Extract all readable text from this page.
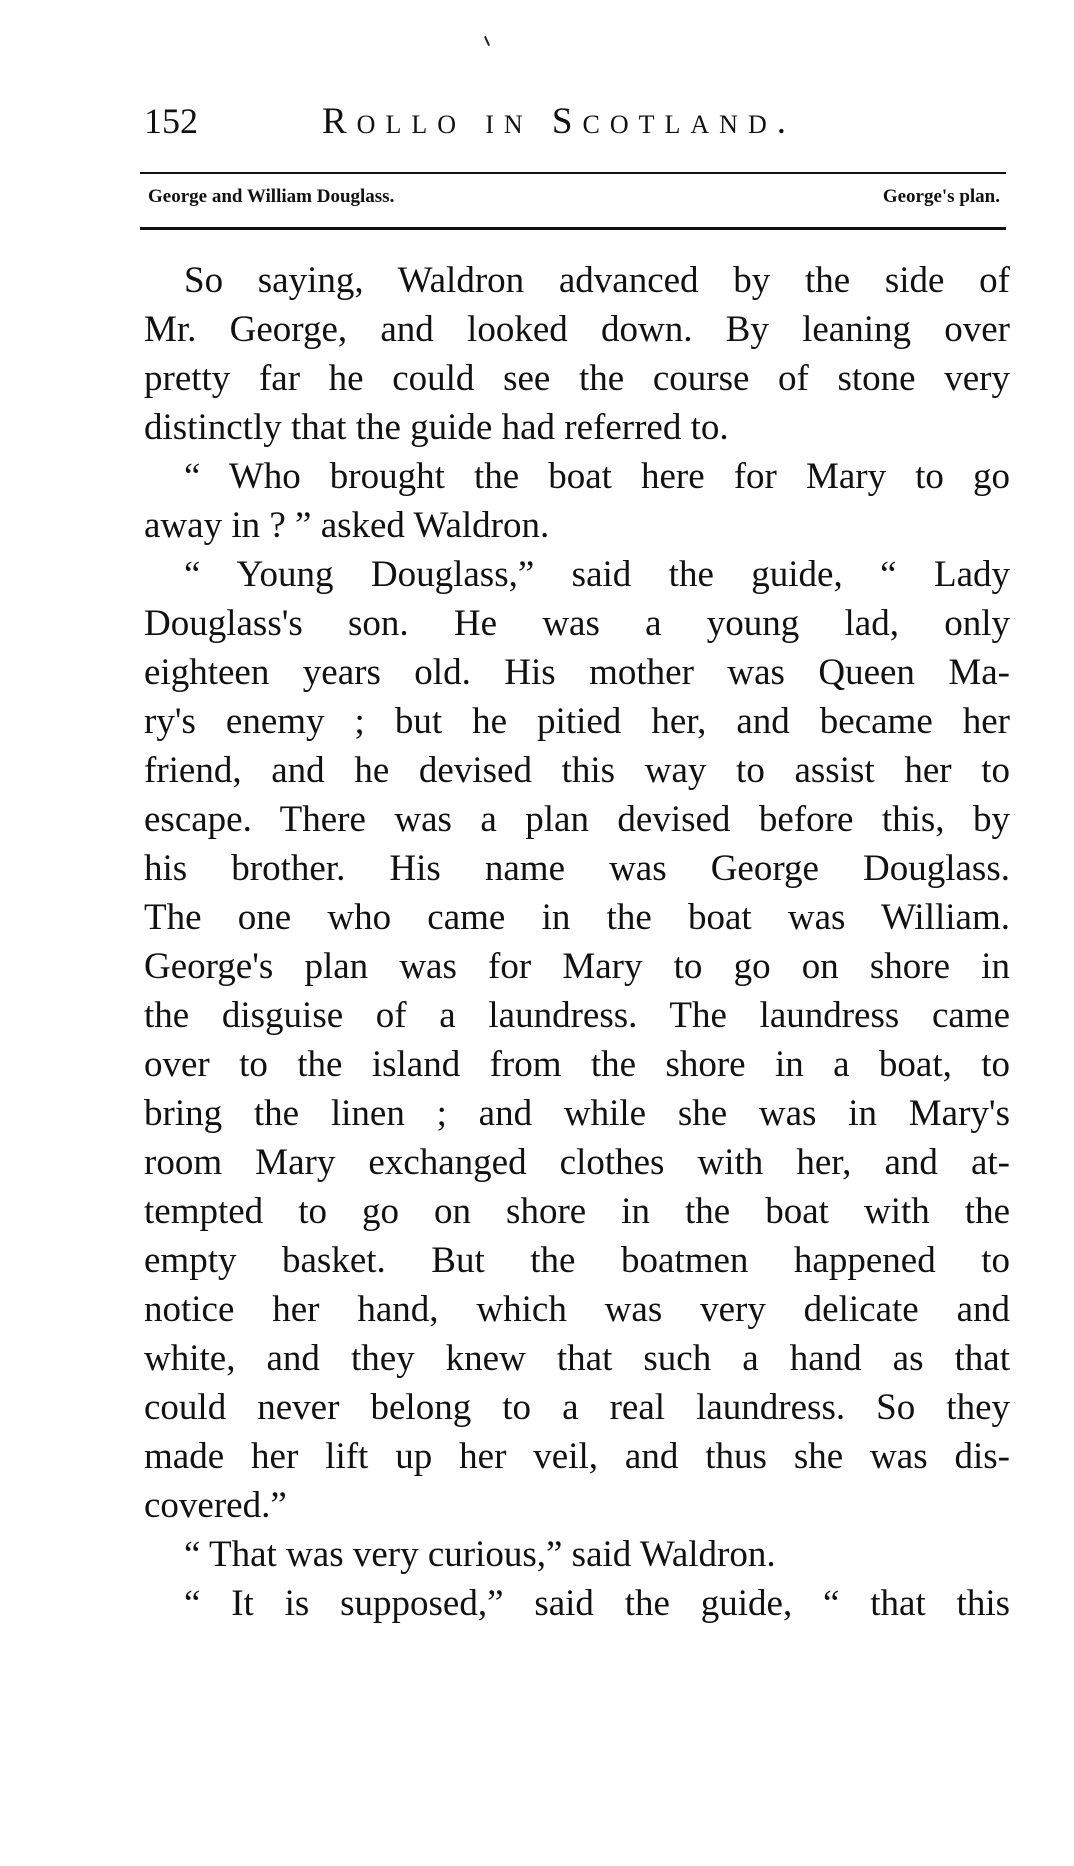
152	Rollo in Scotland.
George and William Douglass.	George's plan.
So saying, Waldron advanced by the side of
Mr. George, and looked down. By leaning over
pretty far he could see the course of stone very
distinctly that the guide had referred to.
“ Who brought the boat here for Mary to go
away in ? ” asked Waldron.
“ Young Douglass,” said the guide, “ Lady
Douglass's son. He was a young lad, only
eighteen years old. His mother was Queen Ma-
ry's enemy ; but he pitied her, and became her
friend, and he devised this way to assist her to
escape. There was a plan devised before this, by
his brother. His name was George Douglass.
The one who came in the boat was William.
George's plan was for Mary to go on shore in
the disguise of a laundress. The laundress came
over to the island from the shore in a boat, to
bring the linen ; and while she was in Mary's
room Mary exchanged clothes with her, and at-
tempted to go on shore in the boat with the
empty basket. But the boatmen happened to
notice her hand, which was very delicate and
white, and they knew that such a hand as that
could never belong to a real laundress. So they
made her lift up her veil, and thus she was dis-
covered.”
“ That was very curious,” said Waldron.
“ It is supposed,” said the guide, “ that this
